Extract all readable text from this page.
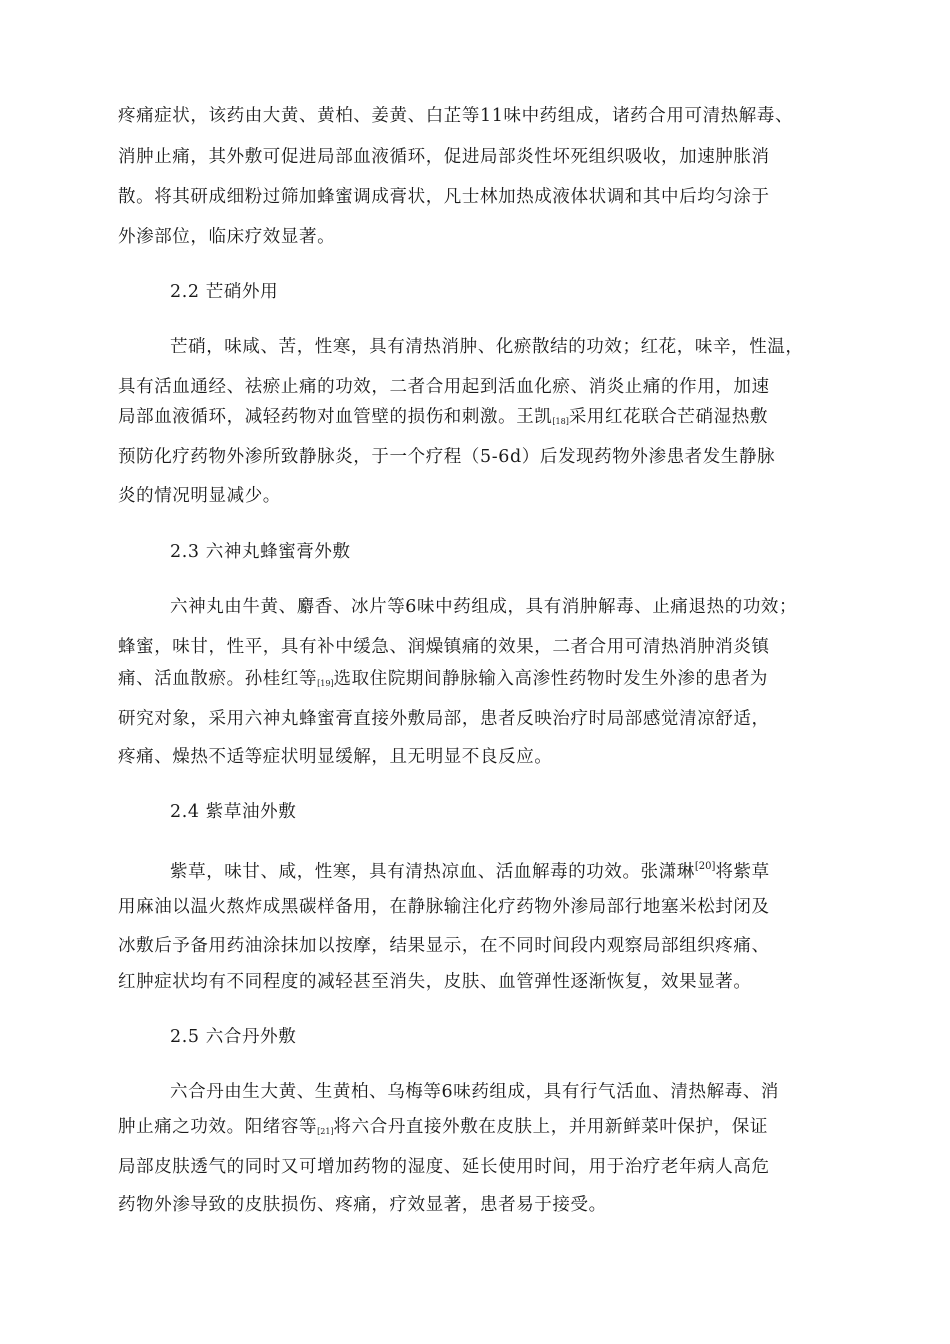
疼痛症状，该药由大黄、黄柏、姜黄、白芷等11味中药组成，诸药合用可清热解毒、
消肿止痛，其外敷可促进局部血液循环，促进局部炎性坏死组织吸收，加速肿胀消
散。将其研成细粉过筛加蜂蜜调成膏状，凡士林加热成液体状调和其中后均匀涂于
外渗部位，临床疗效显著。
2.2 芒硝外用
芒硝，味咸、苦，性寒，具有清热消肿、化瘀散结的功效；红花，味辛，性温，
具有活血通经、祛瘀止痛的功效，二者合用起到活血化瘀、消炎止痛的作用，加速
局部血液循环，减轻药物对血管壁的损伤和刺激。王凯[18]采用红花联合芒硝湿热敷
预防化疗药物外渗所致静脉炎，于一个疗程（5-6d）后发现药物外渗患者发生静脉
炎的情况明显减少。
2.3 六神丸蜂蜜膏外敷
六神丸由牛黄、麝香、冰片等6味中药组成，具有消肿解毒、止痛退热的功效；
蜂蜜，味甘，性平，具有补中缓急、润燥镇痛的效果，二者合用可清热消肿消炎镇
痛、活血散瘀。孙桂红等[19]选取住院期间静脉输入高渗性药物时发生外渗的患者为
研究对象，采用六神丸蜂蜜膏直接外敷局部，患者反映治疗时局部感觉清凉舒适，
疼痛、燥热不适等症状明显缓解，且无明显不良反应。
2.4 紫草油外敷
紫草，味甘、咸，性寒，具有清热凉血、活血解毒的功效。张潇琳[20]将紫草
用麻油以温火熬炸成黑碳样备用，在静脉输注化疗药物外渗局部行地塞米松封闭及
冰敷后予备用药油涂抹加以按摩，结果显示，在不同时间段内观察局部组织疼痛、
红肿症状均有不同程度的减轻甚至消失，皮肤、血管弹性逐渐恢复，效果显著。
2.5 六合丹外敷
六合丹由生大黄、生黄柏、乌梅等6味药组成，具有行气活血、清热解毒、消
肿止痛之功效。阳绪容等[21]将六合丹直接外敷在皮肤上，并用新鲜菜叶保护，保证
局部皮肤透气的同时又可增加药物的湿度、延长使用时间，用于治疗老年病人高危
药物外渗导致的皮肤损伤、疼痛，疗效显著，患者易于接受。
